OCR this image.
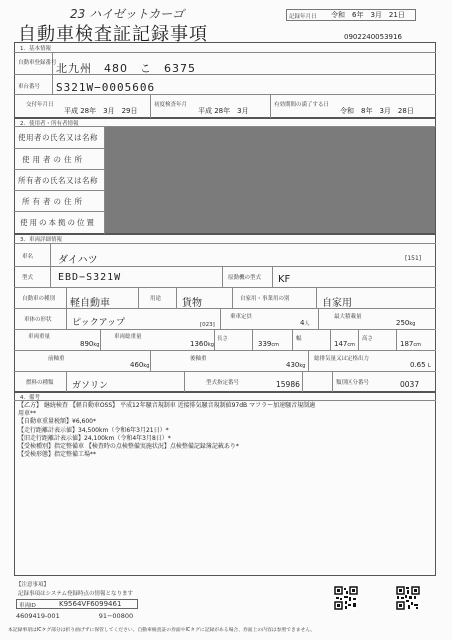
23 ハイゼットカーゴ	記録年月日 令和　6年　3月　21日
自動車検査証記録事項	0902240053916
1．基本情報
自動車登録番号 北九州　480　こ　6375
車台番号 S321W−0005606
交付年月日
平成 28年　3月　29日
初度検査年月
平成 28年　3月
有効期間の満了する日
令和　8年　3月　28日
2．使用者・所有者情報
使用者の氏名又は名称
使用者の住所
所有者の氏名又は名称
所有者の住所
使用の本拠の位置
3．車両詳細情報
車名 ダイハツ	[151]
型式 EBD−S321W	原動機の型式 KF
自動車の種別 軽自動車	用途 貨物	自家用・事業用の別	自家用
車体の形状 ピックアップ	[023]
乗車定員
4人
最大積載量
250kg
車両重量
890kg
車両総重量
1360kg
長さ
339cm
幅
147cm
高さ
187cm
前軸重
460kg
後軸重
430kg
総排気量又は定格出力
0.65 L
燃料の種類 ガソリン	型式指定番号	15986	類別区分番号	0037
4．備考
【乙方】 継続検査 【軽自動車OSS】 平成12年騒音規制車 近接排気騒音規制値97dB マフラー加速騒音規制適
用車**
【自動車重量税額】¥6,600*
【走行距離計表示値】34,500km（令和6年3月21日）*
【旧走行距離計表示値】24,100km（令和4年3月8日）*
【受検種別】指定整備車 【検査時の点検整備実施状況】点検整備記録簿記載あり*
【受検形態】指定整備工場**
【注意事項】
記録事項はシステム登録時点の情報となります
車両ID	K9564VF6099461
4609419-001　　　　　　91−00800
本記録事項はICタグ部分は折り曲げずに保管してください。自動車検査証の券面やICタグに記録がある場合、券面上の内容は参照できません。
